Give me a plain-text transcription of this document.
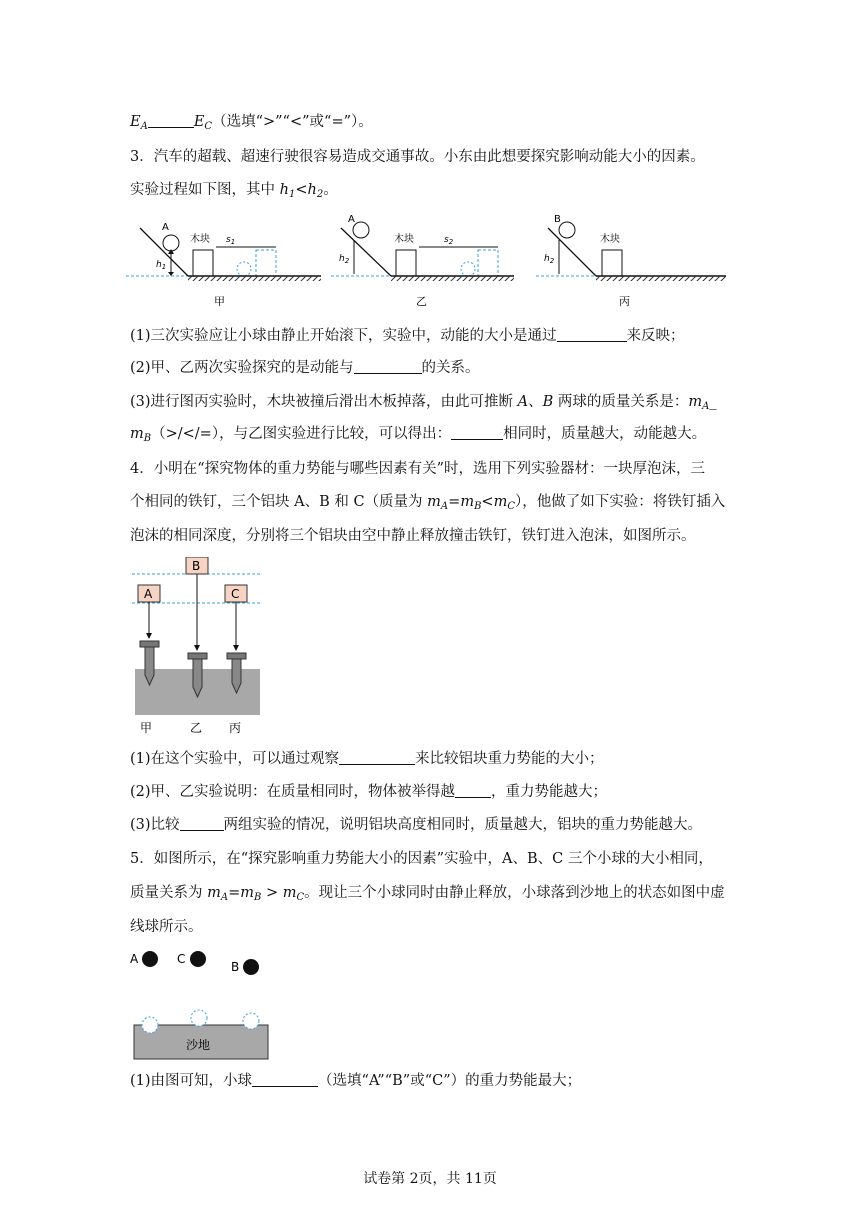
$E_A$	$E_C$（选填“>”“<”或“=”）。
3．汽车的超载、超速行驶很容易造成交通事故。小东由此想要探究影响动能大小的因素。
实验过程如下图，其中 $h_1<h_2$。
A
$h_1$
木块 $s_1$
甲
A
$h_2$
木块	$s_2$
乙
B
$h_2$
木块
丙
(1)三次实验应让小球由静止开始滚下，实验中，动能的大小是通过	来反映；
(2)甲、乙两次实验探究的是动能与	的关系。
(3)进行图丙实验时，木块被撞后滑出木板掉落，由此可推断 A、B 两球的质量关系是：$m_A\_$
$m_B(>/</=)$，与乙图实验进行比较，可以得出：	相同时，质量越大，动能越大。
4．小明在“探究物体的重力势能与哪些因素有关”时，选用下列实验器材：一块厚泡沫，三
个相同的铁钉，三个铝块 A、B 和 C（质量为 $m_A=m_B<m_C$），他做了如下实验：将铁钉插入
泡沫的相同深度，分别将三个铝块由空中静止释放撞击铁钉，铁钉进入泡沫，如图所示。
A
B
C
甲	乙 丙
(1)在这个实验中，可以通过观察	来比较铝块重力势能的大小；
(2)甲、乙实验说明：在质量相同时，物体被举得越 ，重力势能越大；
(3)比较	两组实验的情况，说明铝块高度相同时，质量越大，铝块的重力势能越大。
5．如图所示，在“探究影响重力势能大小的因素”实验中，A、B、C 三个小球的大小相同，
质量关系为 $m_A=m_B > m_C$。现让三个小球同时由静止释放，小球落到沙地上的状态如图中虚
线球所示。
A	C
B
沙地
(1)由图可知，小球	（选填“A”“B”或“C”）的重力势能最大；
试卷第 2页，共 11页
